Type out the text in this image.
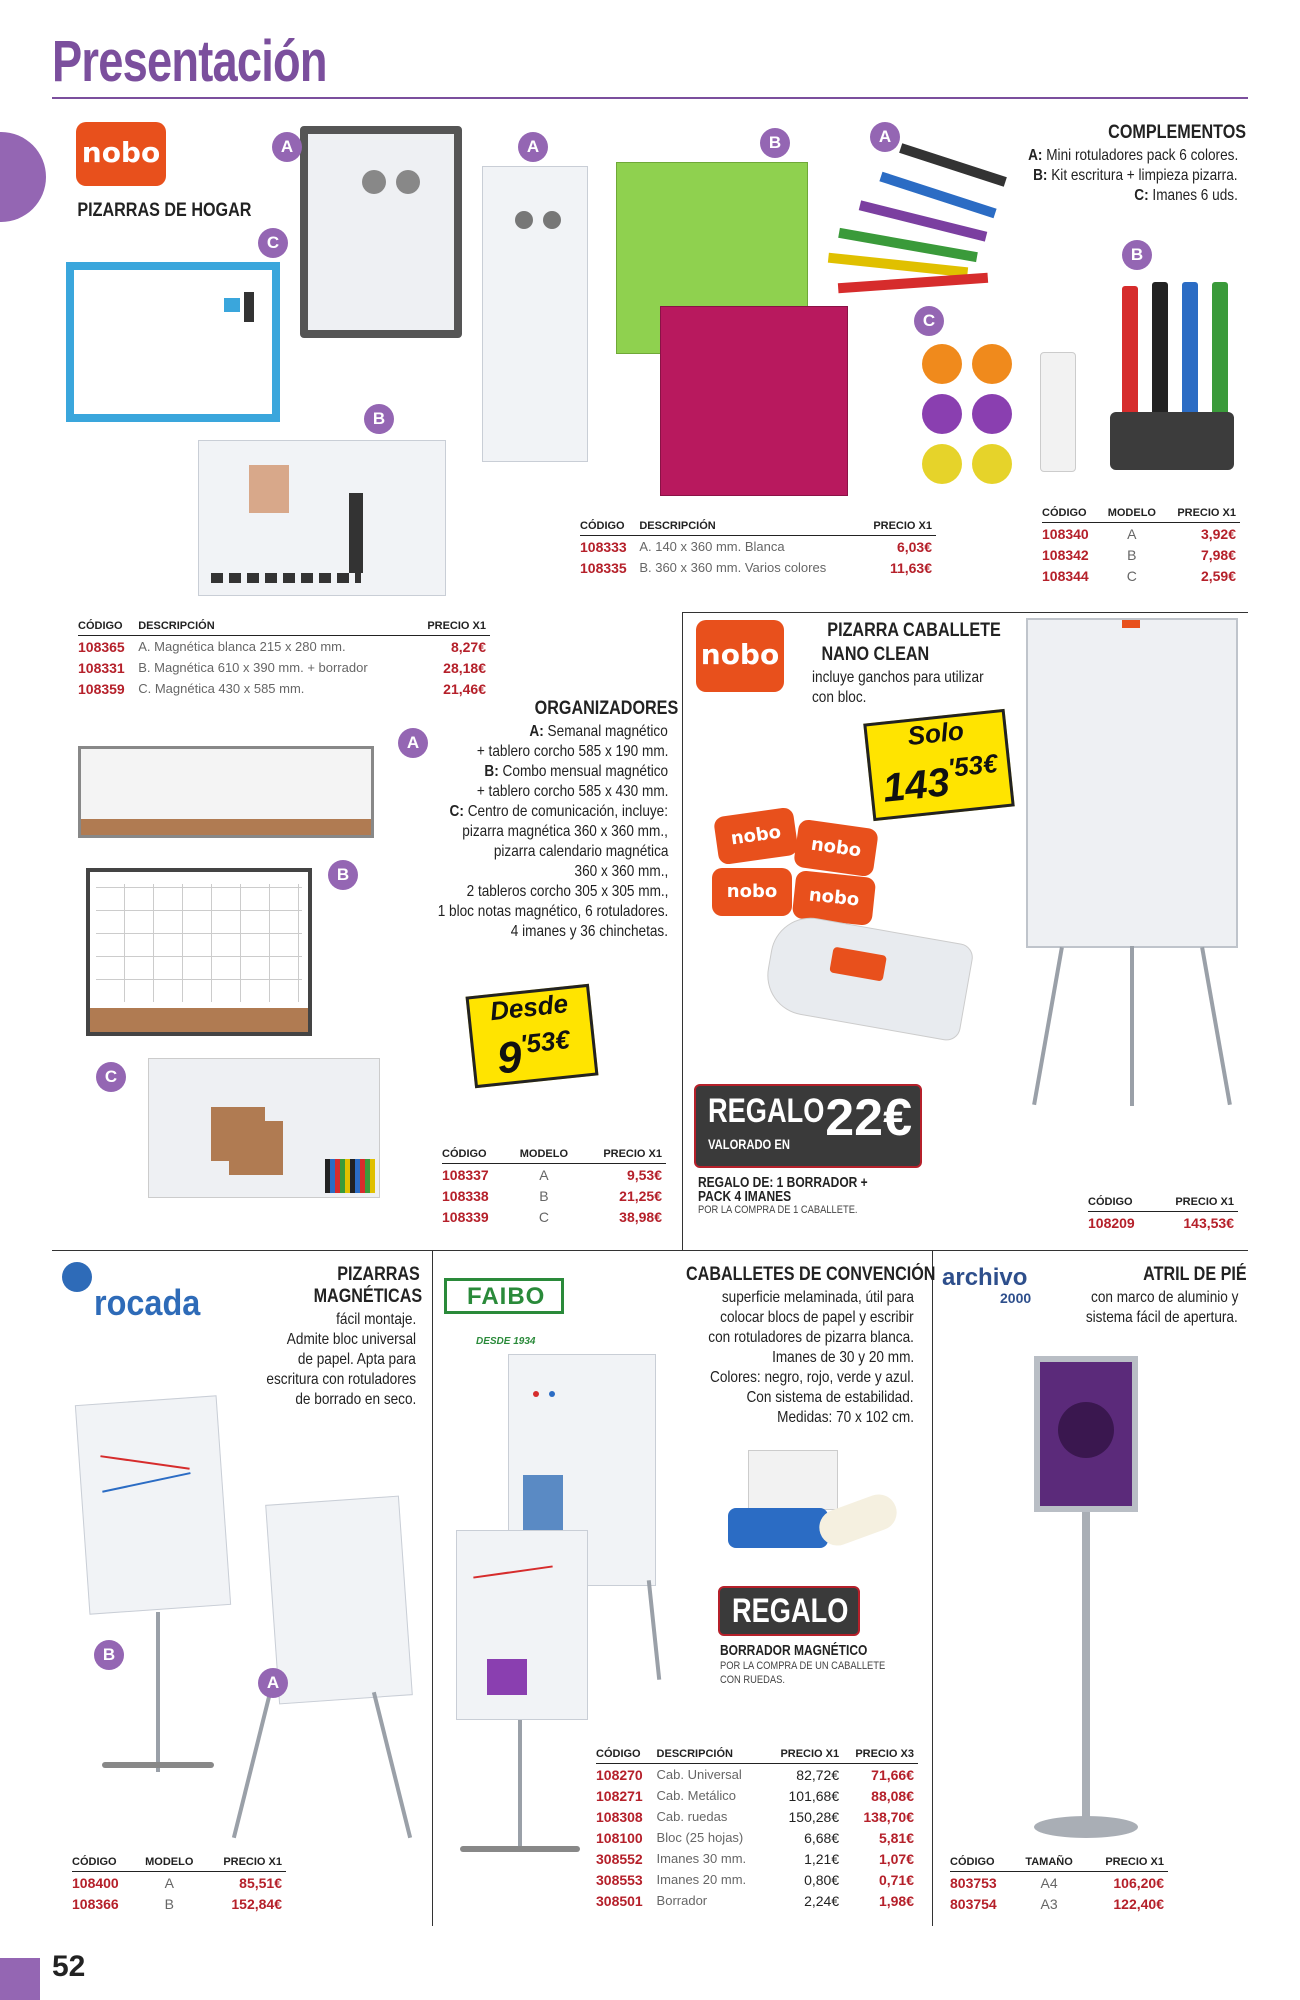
Presentación
nobo
PIZARRAS DE HOGAR
C
A
B
CÓDIGO	DESCRIPCIÓN	PRECIO X1
108365	A. Magnética blanca 215 x 280 mm.	8,27€
108331	B. Magnética 610 x 390 mm. + borrador	28,18€
108359	C. Magnética 430 x 585 mm.	21,46€
A	B
CÓDIGO	DESCRIPCIÓN	PRECIO X1
108333	A. 140 x 360 mm. Blanca	6,03€
108335	B. 360 x 360 mm. Varios colores	11,63€
A	COMPLEMENTOS
A: Mini rotuladores pack 6 colores.
B: Kit escritura + limpieza pizarra.
C: Imanes 6 uds.
B
C
CÓDIGO	MODELO	PRECIO X1
108340	A	3,92€
108342	B	7,98€
108344	C	2,59€
A
B
C
ORGANIZADORES
A: Semanal magnético
+ tablero corcho 585 x 190 mm.
B: Combo mensual magnético
+ tablero corcho 585 x 430 mm.
C: Centro de comunicación, incluye:
pizarra magnética 360 x 360 mm.,
pizarra calendario magnética
360 x 360 mm.,
2 tableros corcho 305 x 305 mm.,
1 bloc notas magnético, 6 rotuladores.
4 imanes y 36 chinchetas.
Desde
$9^{'53€}$
CÓDIGO	MODELO	PRECIO X1
108337	A	9,53€
108338	B	21,25€
108339	C	38,98€
nobo
PIZARRA CABALLETE
NANO CLEAN
incluye ganchos para utilizar
con bloc.
Solo
$143^{'53€}$
nobo	nobo
nobo	nobo
REGALO
VALORADO EN 22€
REGALO DE: 1 BORRADOR +
PACK 4 IMANES
POR LA COMPRA DE 1 CABALLETE.
CÓDIGO	PRECIO X1
108209	143,53€
rocada
PIZARRAS
MAGNÉTICAS
fácil montaje.
Admite bloc universal
de papel. Apta para
escritura con rotuladores
de borrado en seco.
B
A
CÓDIGO	MODELO	PRECIO X1
108400	A	85,51€
108366	B	152,84€
FAIBO
DESDE 1934
CABALLETES DE CONVENCIÓN
superficie melaminada, útil para
colocar blocs de papel y escribir
con rotuladores de pizarra blanca.
Imanes de 30 y 20 mm.
Colores: negro, rojo, verde y azul.
Con sistema de estabilidad.
Medidas: 70 x 102 cm.
REGALO
BORRADOR MAGNÉTICO
POR LA COMPRA DE UN CABALLETE
CON RUEDAS.
CÓDIGO	DESCRIPCIÓN	PRECIO X1	PRECIO X3
108270	Cab. Universal	82,72€	71,66€
108271	Cab. Metálico	101,68€	88,08€
108308	Cab. ruedas	150,28€	138,70€
108100	Bloc (25 hojas)	6,68€	5,81€
308552	Imanes 30 mm.	1,21€	1,07€
308553	Imanes 20 mm.	0,80€	0,71€
308501	Borrador	2,24€	1,98€
archivo
2000
ATRIL DE PIÉ
con marco de aluminio y
sistema fácil de apertura.
CÓDIGO	TAMAÑO	PRECIO X1
803753	A4	106,20€
803754	A3	122,40€
52
